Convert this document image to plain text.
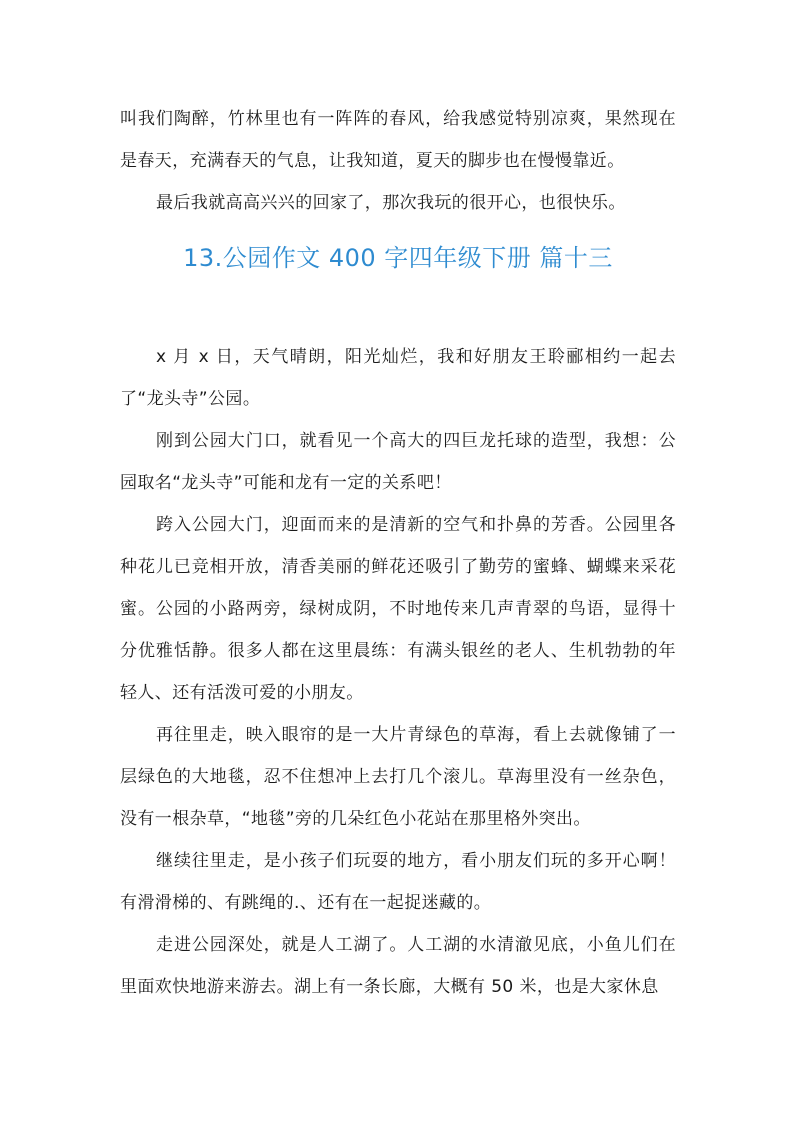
叫我们陶醉，竹林里也有一阵阵的春风，给我感觉特别凉爽，果然现在是春天，充满春天的气息，让我知道，夏天的脚步也在慢慢靠近。

最后我就高高兴兴的回家了，那次我玩的很开心，也很快乐。

13.公园作文 400 字四年级下册 篇十三

x 月 x 日，天气晴朗，阳光灿烂，我和好朋友王聆郦相约一起去了“龙头寺”公园。

刚到公园大门口，就看见一个高大的四巨龙托球的造型，我想：公园取名“龙头寺”可能和龙有一定的关系吧！

跨入公园大门，迎面而来的是清新的空气和扑鼻的芳香。公园里各种花儿已竞相开放，清香美丽的鲜花还吸引了勤劳的蜜蜂、蝴蝶来采花蜜。公园的小路两旁，绿树成阴，不时地传来几声青翠的鸟语，显得十分优雅恬静。很多人都在这里晨练：有满头银丝的老人、生机勃勃的年轻人、还有活泼可爱的小朋友。

再往里走，映入眼帘的是一大片青绿色的草海，看上去就像铺了一层绿色的大地毯，忍不住想冲上去打几个滚儿。草海里没有一丝杂色，没有一根杂草，“地毯”旁的几朵红色小花站在那里格外突出。

继续往里走，是小孩子们玩耍的地方，看小朋友们玩的多开心啊！有滑滑梯的、有跳绳的.、还有在一起捉迷藏的。

走进公园深处，就是人工湖了。人工湖的水清澈见底，小鱼儿们在里面欢快地游来游去。湖上有一条长廊，大概有 50 米，也是大家休息
